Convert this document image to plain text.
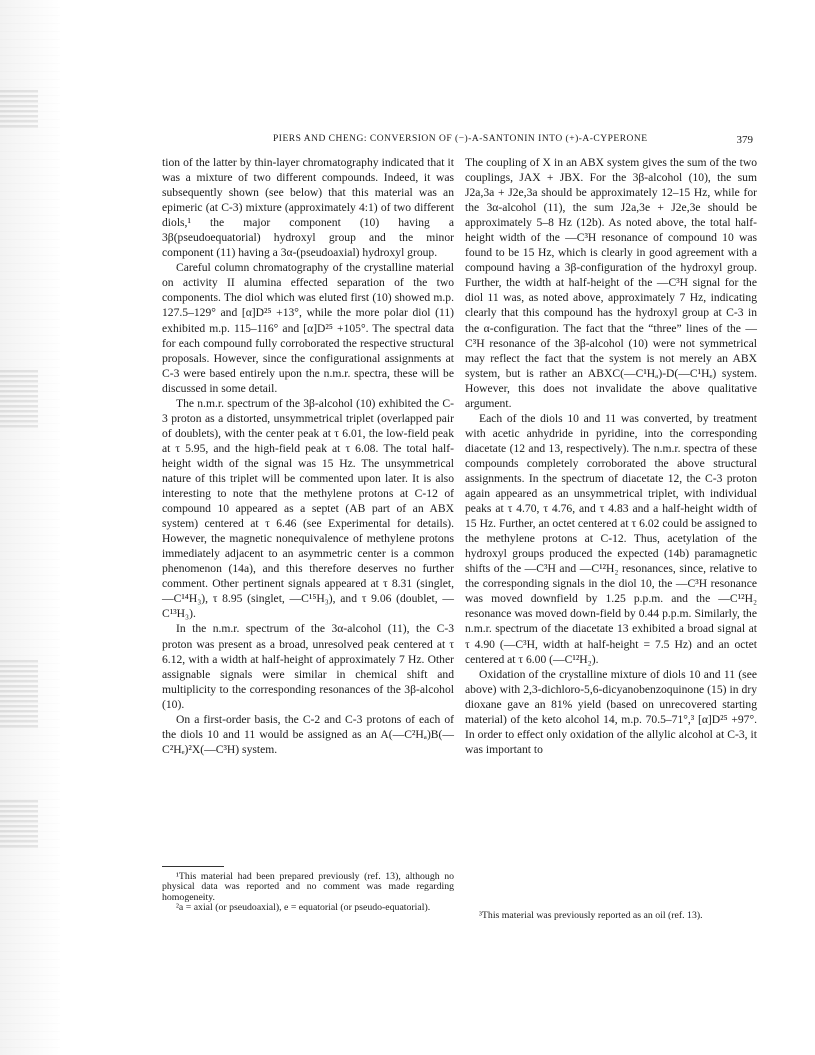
PIERS AND CHENG: CONVERSION OF (−)-Α-SANTONIN INTO (+)-Α-CYPERONE	379

tion of the latter by thin-layer chromatography indicated that it was a mixture of two different compounds. Indeed, it was subsequently shown (see below) that this material was an epimeric (at C-3) mixture (approximately 4:1) of two different diols,¹ the major component (10) having a 3β(pseudoequatorial) hydroxyl group and the minor component (11) having a 3α-(pseudoaxial) hydroxyl group.

Careful column chromatography of the crystalline material on activity II alumina effected separation of the two components. The diol which was eluted first (10) showed m.p. 127.5–129° and [α]D²⁵ +13°, while the more polar diol (11) exhibited m.p. 115–116° and [α]D²⁵ +105°. The spectral data for each compound fully corroborated the respective structural proposals. However, since the configurational assignments at C-3 were based entirely upon the n.m.r. spectra, these will be discussed in some detail.

The n.m.r. spectrum of the 3β-alcohol (10) exhibited the C-3 proton as a distorted, unsymmetrical triplet (overlapped pair of doublets), with the center peak at τ 6.01, the low-field peak at τ 5.95, and the high-field peak at τ 6.08. The total half-height width of the signal was 15 Hz. The unsymmetrical nature of this triplet will be commented upon later. It is also interesting to note that the methylene protons at C-12 of compound 10 appeared as a septet (AB part of an ABX system) centered at τ 6.46 (see Experimental for details). However, the magnetic nonequivalence of methylene protons immediately adjacent to an asymmetric center is a common phenomenon (14a), and this therefore deserves no further comment. Other pertinent signals appeared at τ 8.31 (singlet, —C¹⁴H₃), τ 8.95 (singlet, —C¹⁵H₃), and τ 9.06 (doublet, —C¹³H₃).

In the n.m.r. spectrum of the 3α-alcohol (11), the C-3 proton was present as a broad, unresolved peak centered at τ 6.12, with a width at half-height of approximately 7 Hz. Other assignable signals were similar in chemical shift and multiplicity to the corresponding resonances of the 3β-alcohol (10).

On a first-order basis, the C-2 and C-3 protons of each of the diols 10 and 11 would be assigned as an A(—C²Hₐ)B(—C²Hₑ)²X(—C³H) system.

The coupling of X in an ABX system gives the sum of the two couplings, JAX + JBX. For the 3β-alcohol (10), the sum J2a,3a + J2e,3a should be approximately 12–15 Hz, while for the 3α-alcohol (11), the sum J2a,3e + J2e,3e should be approximately 5–8 Hz (12b). As noted above, the total half-height width of the —C³H resonance of compound 10 was found to be 15 Hz, which is clearly in good agreement with a compound having a 3β-configuration of the hydroxyl group. Further, the width at half-height of the —C³H signal for the diol 11 was, as noted above, approximately 7 Hz, indicating clearly that this compound has the hydroxyl group at C-3 in the α-configuration. The fact that the “three” lines of the —C³H resonance of the 3β-alcohol (10) were not symmetrical may reflect the fact that the system is not merely an ABX system, but is rather an ABXC(—C¹Hₐ)-D(—C¹Hₑ) system. However, this does not invalidate the above qualitative argument.

Each of the diols 10 and 11 was converted, by treatment with acetic anhydride in pyridine, into the corresponding diacetate (12 and 13, respectively). The n.m.r. spectra of these compounds completely corroborated the above structural assignments. In the spectrum of diacetate 12, the C-3 proton again appeared as an unsymmetrical triplet, with individual peaks at τ 4.70, τ 4.76, and τ 4.83 and a half-height width of 15 Hz. Further, an octet centered at τ 6.02 could be assigned to the methylene protons at C-12. Thus, acetylation of the hydroxyl groups produced the expected (14b) paramagnetic shifts of the —C³H and —C¹²H₂ resonances, since, relative to the corresponding signals in the diol 10, the —C³H resonance was moved downfield by 1.25 p.p.m. and the —C¹²H₂ resonance was moved down-field by 0.44 p.p.m. Similarly, the n.m.r. spectrum of the diacetate 13 exhibited a broad signal at τ 4.90 (—C³H, width at half-height = 7.5 Hz) and an octet centered at τ 6.00 (—C¹²H₂).

Oxidation of the crystalline mixture of diols 10 and 11 (see above) with 2,3-dichloro-5,6-dicyanobenzoquinone (15) in dry dioxane gave an 81% yield (based on unrecovered starting material) of the keto alcohol 14, m.p. 70.5–71°,³ [α]D²⁵ +97°. In order to effect only oxidation of the allylic alcohol at C-3, it was important to

¹This material had been prepared previously (ref. 13), although no physical data was reported and no comment was made regarding homogeneity.

²a = axial (or pseudoaxial), e = equatorial (or pseudo-equatorial).

³This material was previously reported as an oil (ref. 13).
